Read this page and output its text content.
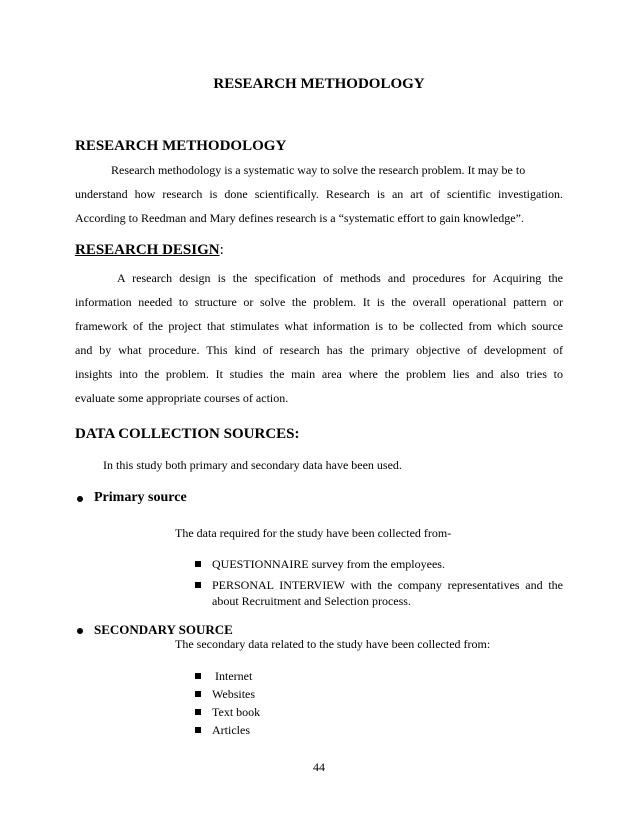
RESEARCH METHODOLOGY
RESEARCH METHODOLOGY

Research methodology is a systematic way to solve the research problem. It may be to

understand how research is done scientifically. Research is an art of scientific investigation.

According to Reedman and Mary defines research is a “systematic effort to gain knowledge”.

RESEARCH DESIGN:

A research design is the specification of methods and procedures for Acquiring the

information needed to structure or solve the problem. It is the overall operational pattern or

framework of the project that stimulates what information is to be collected from which source

and by what procedure. This kind of research has the primary objective of development of

insights into the problem. It studies the main area where the problem lies and also tries to

evaluate some appropriate courses of action.

DATA COLLECTION SOURCES:
In this study both primary and secondary data have been used.
Primary source
The data required for the study have been collected from-
QUESTIONNAIRE survey from the employees.
PERSONAL INTERVIEW with the company representatives and the
about Recruitment and Selection process.
SECONDARY SOURCE
The secondary data related to the study have been collected from:
Internet
Websites
Text book
Articles
44
